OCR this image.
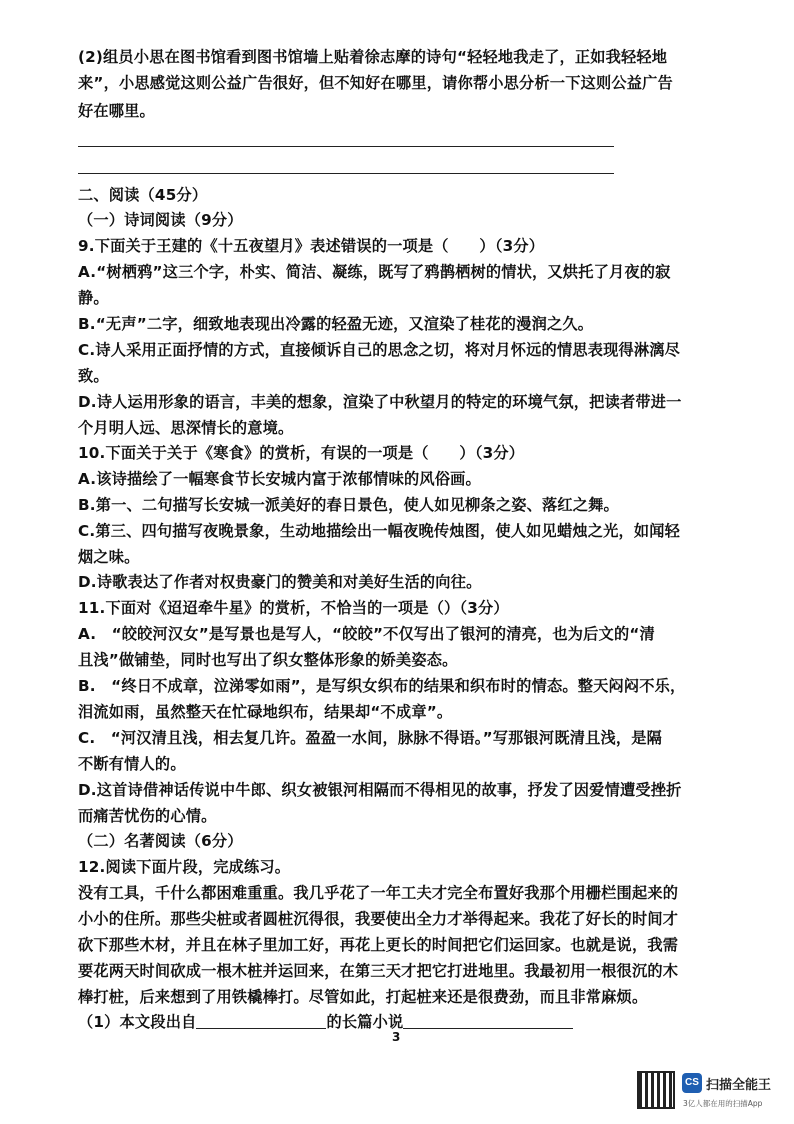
(2)组员小思在图书馆看到图书馆墙上贴着徐志摩的诗句“轻轻地我走了，正如我轻轻地
来”，小思感觉这则公益广告很好，但不知好在哪里，请你帮小思分析一下这则公益广告
好在哪里。
二、阅读（45分）
（一）诗词阅读（9分）
9.下面关于王建的《十五夜望月》表述错误的一项是（　　）（3分）
A.“树栖鸦”这三个字，朴实、简洁、凝练，既写了鸦鹊栖树的情状，又烘托了月夜的寂
静。
B.“无声”二字，细致地表现出冷露的轻盈无迹，又渲染了桂花的漫润之久。
C.诗人采用正面抒情的方式，直接倾诉自己的思念之切，将对月怀远的情思表现得淋漓尽
致。
D.诗人运用形象的语言，丰美的想象，渲染了中秋望月的特定的环境气氛，把读者带进一
个月明人远、思深情长的意境。
10.下面关于关于《寒食》的赏析，有误的一项是（　　）（3分）
A.该诗描绘了一幅寒食节长安城内富于浓郁情味的风俗画。
B.第一、二句描写长安城一派美好的春日景色，使人如见柳条之姿、落红之舞。
C.第三、四句描写夜晚景象，生动地描绘出一幅夜晚传烛图，使人如见蜡烛之光，如闻轻
烟之味。
D.诗歌表达了作者对权贵豪门的赞美和对美好生活的向往。
11.下面对《迢迢牵牛星》的赏析，不恰当的一项是（）（3分）
A.　“皎皎河汉女”是写景也是写人，“皎皎”不仅写出了银河的清亮，也为后文的“清
且浅”做铺垫，同时也写出了织女整体形象的娇美姿态。
B.　“终日不成章，泣涕零如雨”，是写织女织布的结果和织布时的情态。整天闷闷不乐，
泪流如雨，虽然整天在忙碌地织布，结果却“不成章”。
C.　“河汉清且浅，相去复几许。盈盈一水间，脉脉不得语。”写那银河既清且浅，是隔
不断有情人的。
D.这首诗借神话传说中牛郎、织女被银河相隔而不得相见的故事，抒发了因爱情遭受挫折
而痛苦忧伤的心情。
（二）名著阅读（6分）
12.阅读下面片段，完成练习。
没有工具，千什么都困难重重。我几乎花了一年工夫才完全布置好我那个用栅栏围起来的
小小的住所。那些尖桩或者圆桩沉得很，我要使出全力才举得起来。我花了好长的时间才
砍下那些木材，并且在林子里加工好，再花上更长的时间把它们运回家。也就是说，我需
要花两天时间砍成一根木桩并运回来，在第三天才把它打进地里。我最初用一根很沉的木
棒打桩，后来想到了用铁橇棒打。尽管如此，打起桩来还是很费劲，而且非常麻烦。
（1）本文段出自	的长篇小说
3
CS 扫描全能王
3亿人都在用的扫描App
